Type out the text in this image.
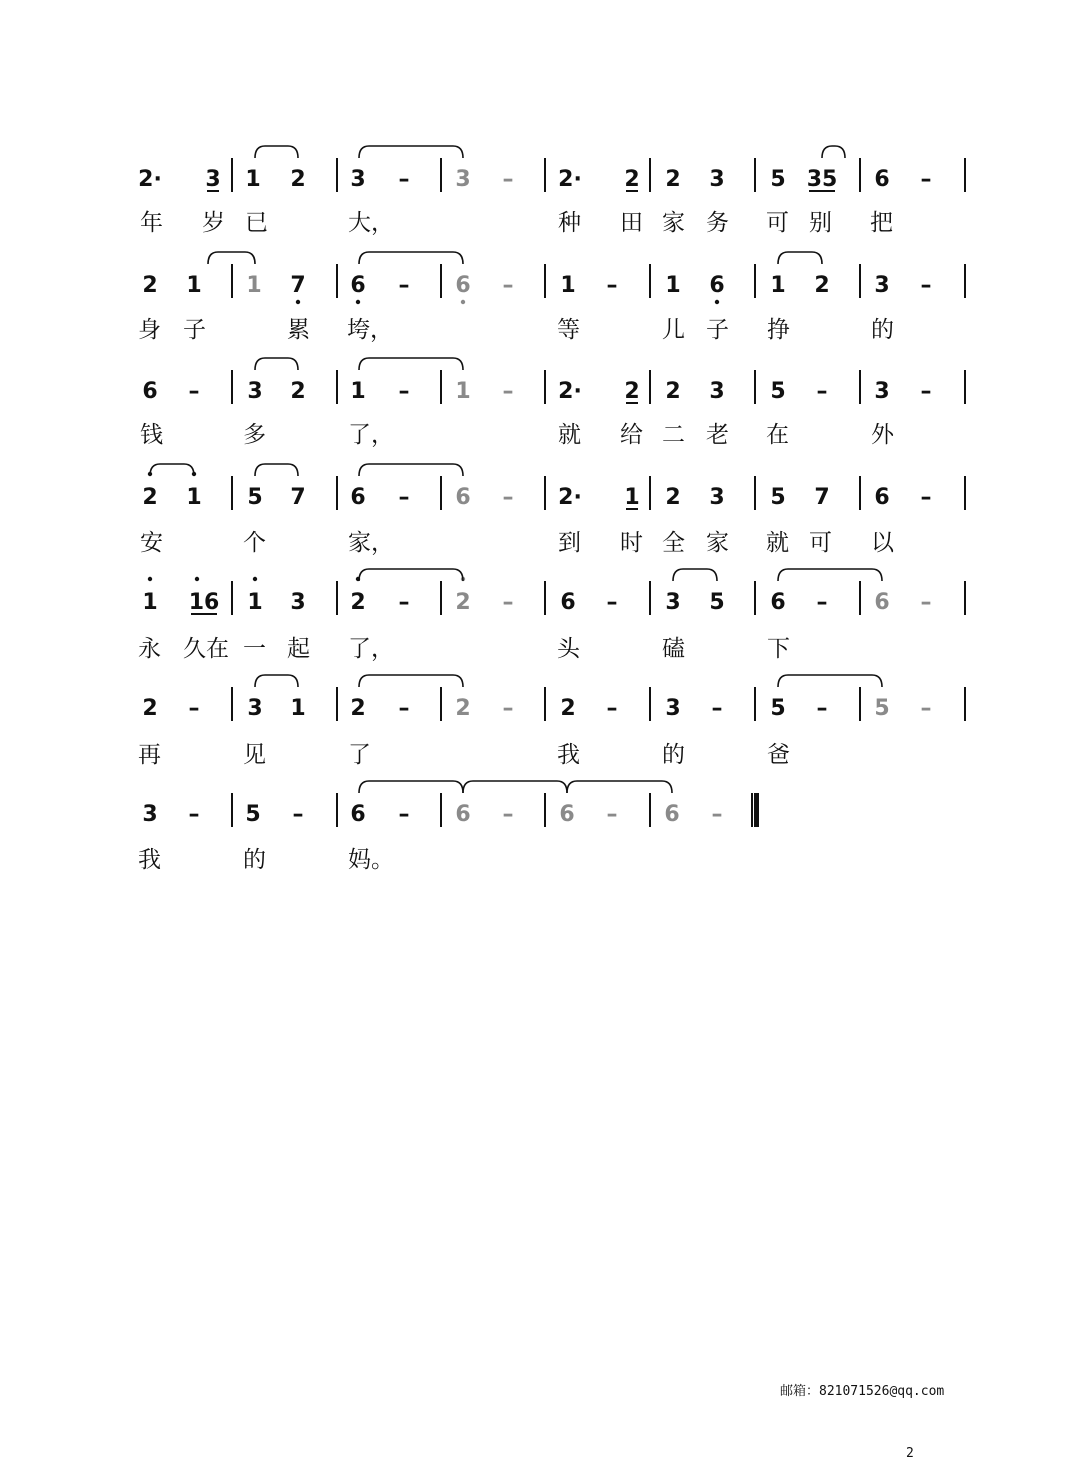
2· 3 1 2 3 – 3 – 2· 2 2 3 5 35 6 –
2 1 1 7 6 – 6 – 1 – 1 6 1 2 3 –
6 – 3 2 1 – 1 – 2· 2 2 3 5 – 3 –
2 1 5 7 6 – 6 – 2· 1 2 3 5 7 6 –
1 16 1 3 2 – 2 – 6 – 3 5 6 – 6 –
2 – 3 1 2 – 2 – 2 – 3 – 5 – 5 –
3 – 5 – 6 – 6 – 6 – 6 –
年 岁 已	大，	种 田 家 务 可 别 把
身 子	累 垮，	等	儿 子 挣	的
钱	多	了，	就 给 二 老 在	外
安	个	家，	到 时 全 家 就 可 以
永 久在 一 起 了，	头	磕	下
再	见	了	我	的	爸
我	的	妈。
邮箱：821071526@qq.com
2
